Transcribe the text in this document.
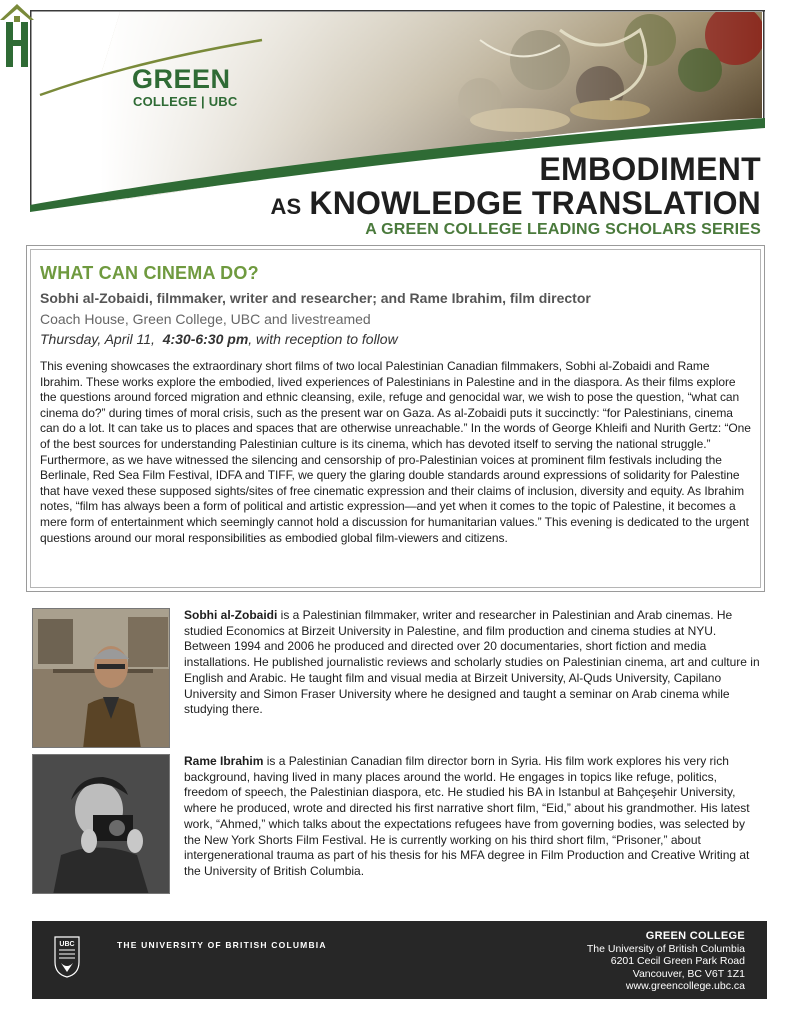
GREEN
COLLEGE | UBC
EMBODIMENT
AS KNOWLEDGE TRANSLATION
A GREEN COLLEGE LEADING SCHOLARS SERIES
WHAT CAN CINEMA DO?
Sobhi al-Zobaidi, filmmaker, writer and researcher; and Rame Ibrahim, film director
Coach House, Green College, UBC and livestreamed
Thursday, April 11, 4:30-6:30 pm, with reception to follow

This evening showcases the extraordinary short films of two local Palestinian Canadian filmmakers, Sobhi al-Zobaidi and Rame Ibrahim. These works explore the embodied, lived experiences of Palestinians in Palestine and in the diaspora. As their films explore the questions around forced migration and ethnic cleansing, exile, refuge and genocidal war, we wish to pose the question, “what can cinema do?” during times of moral crisis, such as the present war on Gaza. As al-Zobaidi puts it succinctly: “for Palestinians, cinema can do a lot. It can take us to places and spaces that are otherwise unreachable.” In the words of George Khleifi and Nurith Gertz: “One of the best sources for understanding Palestinian culture is its cinema, which has devoted itself to serving the national struggle.” Furthermore, as we have witnessed the silencing and censorship of pro-Palestinian voices at prominent film festivals including the Berlinale, Red Sea Film Festival, IDFA and TIFF, we query the glaring double standards around expressions of solidarity for Palestine that have vexed these supposed sights/sites of free cinematic expression and their claims of inclusion, diversity and equity. As Ibrahim notes, “film has always been a form of political and artistic expression—and yet when it comes to the topic of Palestine, it becomes a mere form of entertainment which seemingly cannot hold a discussion for humanitarian values.” This evening is dedicated to the urgent questions around our moral responsibilities as embodied global film-viewers and citizens.

Sobhi al-Zobaidi is a Palestinian filmmaker, writer and researcher in Palestinian and Arab cinemas. He studied Economics at Birzeit University in Palestine, and film production and cinema studies at NYU. Between 1994 and 2006 he produced and directed over 20 documentaries, short fiction and media installations. He published journalistic reviews and scholarly studies on Palestinian cinema, art and culture in English and Arabic. He taught film and visual media at Birzeit University, Al-Quds University, Capilano University and Simon Fraser University where he designed and taught a seminar on Arab cinema while studying there.
Rame Ibrahim is a Palestinian Canadian film director born in Syria. His film work explores his very rich background, having lived in many places around the world. He engages in topics like refuge, politics, freedom of speech, the Palestinian diaspora, etc. He studied his BA in Istanbul at Bahçeşehir University, where he produced, wrote and directed his first narrative short film, “Eid,” about his grandmother. His latest work, “Ahmed,” which talks about the expectations refugees have from governing bodies, was selected by the New York Shorts Film Festival. He is currently working on his third short film, “Prisoner,” about intergenerational trauma as part of his thesis for his MFA degree in Film Production and Creative Writing at the University of British Columbia.
UBC	THE UNIVERSITY OF BRITISH COLUMBIA
GREEN COLLEGE
The University of British Columbia
6201 Cecil Green Park Road
Vancouver, BC V6T 1Z1
www.greencollege.ubc.ca
